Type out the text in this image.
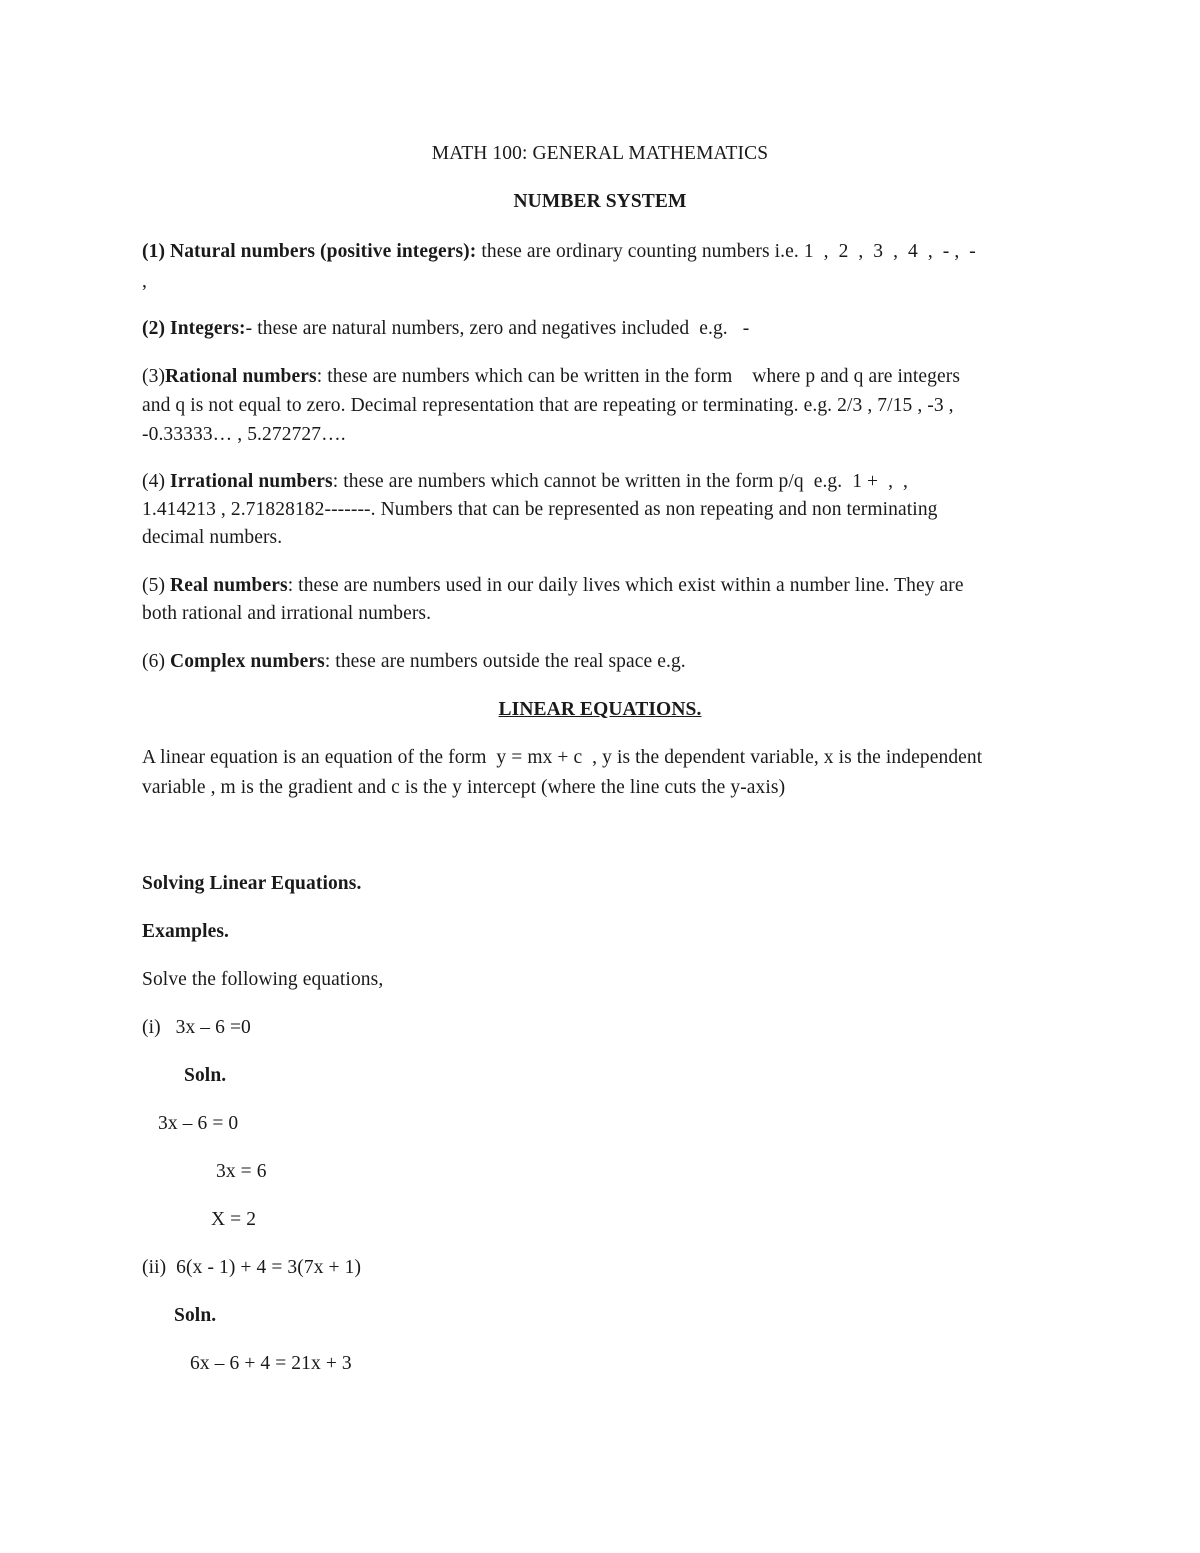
MATH 100: GENERAL MATHEMATICS
NUMBER SYSTEM
(1) Natural numbers (positive integers): these are ordinary counting numbers i.e. 1  ,  2  ,  3  ,  4  ,  - ,  -
,
(2) Integers:- these are natural numbers, zero and negatives included  e.g.   -
(3)Rational numbers: these are numbers which can be written in the form    where p and q are integers
and q is not equal to zero. Decimal representation that are repeating or terminating. e.g. 2/3 , 7/15 , -3 ,
-0.33333… , 5.272727….
(4) Irrational numbers: these are numbers which cannot be written in the form p/q  e.g.  1 +  ,  ,
1.414213 , 2.71828182-------. Numbers that can be represented as non repeating and non terminating
decimal numbers.
(5) Real numbers: these are numbers used in our daily lives which exist within a number line. They are
both rational and irrational numbers.
(6) Complex numbers: these are numbers outside the real space e.g.
LINEAR EQUATIONS.
A linear equation is an equation of the form  y = mx + c  , y is the dependent variable, x is the independent
variable , m is the gradient and c is the y intercept (where the line cuts the y-axis)
Solving Linear Equations.
Examples.
Solve the following equations,
(i)   3x – 6 =0
Soln.
3x – 6 = 0
3x = 6
X = 2
(ii)  6(x - 1) + 4 = 3(7x + 1)
Soln.
6x – 6 + 4 = 21x + 3
